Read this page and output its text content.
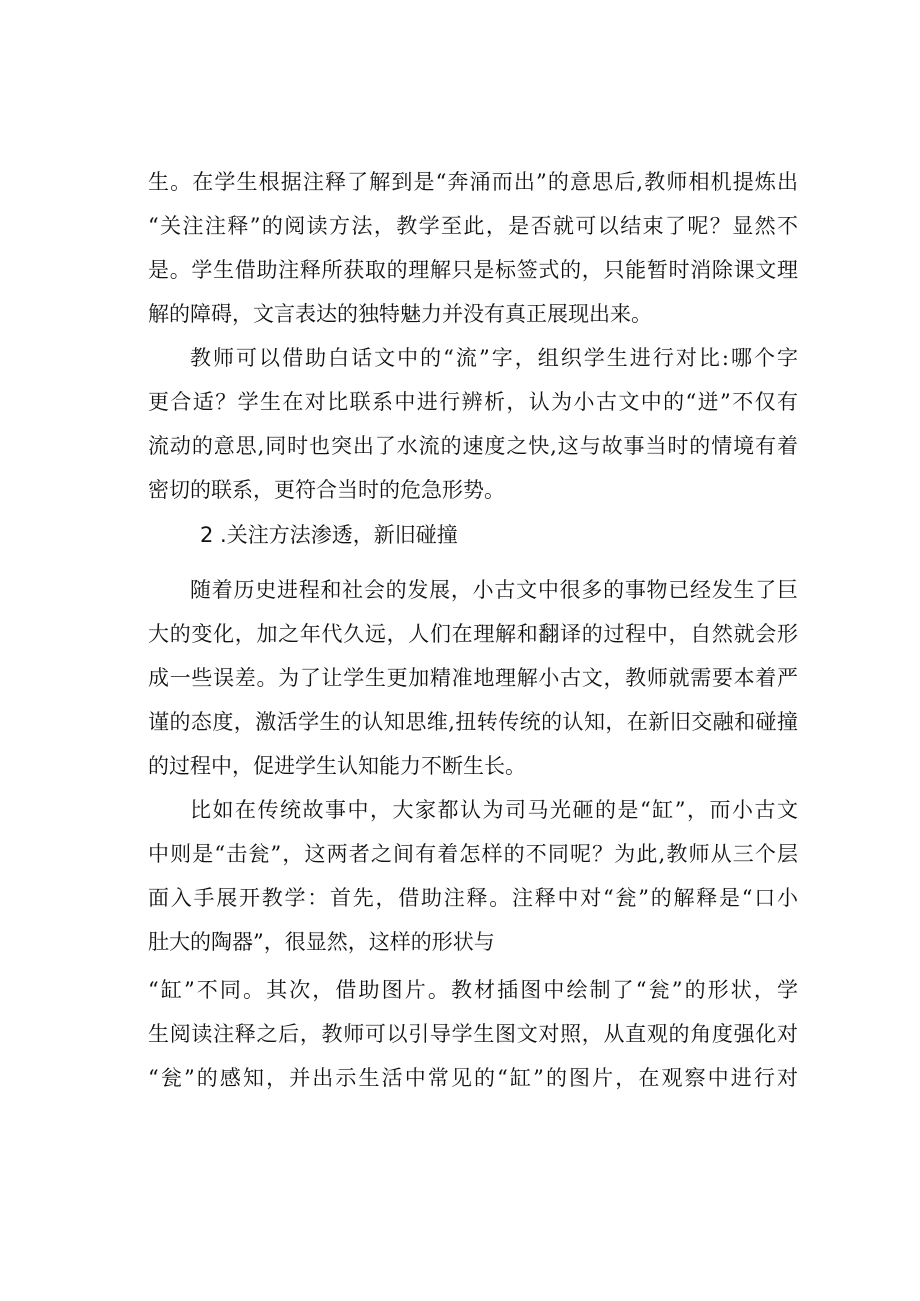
生。在学生根据注释了解到是“奔涌而出”的意思后,教师相机提炼出
“关注注释”的阅读方法，教学至此，是否就可以结束了呢？显然不
是。学生借助注释所获取的理解只是标签式的，只能暂时消除课文理
解的障碍，文言表达的独特魅力并没有真正展现出来。
教师可以借助白话文中的“流”字，组织学生进行对比:哪个字
更合适？学生在对比联系中进行辨析，认为小古文中的“迸”不仅有
流动的意思,同时也突出了水流的速度之快,这与故事当时的情境有着
密切的联系，更符合当时的危急形势。
2 .关注方法渗透，新旧碰撞
随着历史进程和社会的发展，小古文中很多的事物已经发生了巨
大的变化，加之年代久远，人们在理解和翻译的过程中，自然就会形
成一些误差。为了让学生更加精准地理解小古文，教师就需要本着严
谨的态度，激活学生的认知思维,扭转传统的认知，在新旧交融和碰撞
的过程中，促进学生认知能力不断生长。
比如在传统故事中，大家都认为司马光砸的是“缸”，而小古文
中则是“击瓮”，这两者之间有着怎样的不同呢？为此,教师从三个层
面入手展开教学：首先，借助注释。注释中对“瓮”的解释是“口小
肚大的陶器”，很显然，这样的形状与
“缸”不同。其次，借助图片。教材插图中绘制了“瓮”的形状，学
生阅读注释之后，教师可以引导学生图文对照，从直观的角度强化对
“瓮”的感知，并出示生活中常见的“缸”的图片，在观察中进行对
